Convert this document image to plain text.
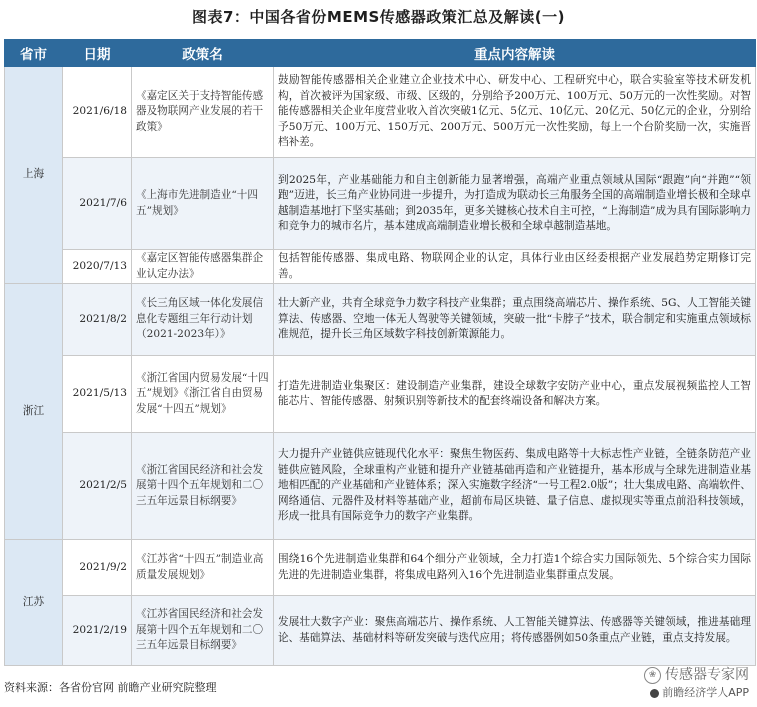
图表7：中国各省份MEMS传感器政策汇总及解读(一)
省市	日期	政策名	重点内容解读
上海	2021/6/18	《嘉定区关于支持智能传感器及物联网产业发展的若干政策》	鼓励智能传感器相关企业建立企业技术中心、研发中心、工程研究中心，联合实验室等技术研发机构，首次被评为国家级、市级、区级的，分别给予200万元、100万元、50万元的一次性奖励。对智能传感器相关企业年度营业收入首次突破1亿元、5亿元、10亿元、20亿元、50亿元的企业，分别给予50万元、100万元、150万元、200万元、500万元一次性奖励，每上一个台阶奖励一次，实施晋档补差。
	2021/7/6	《上海市先进制造业“十四五”规划》	到2025年，产业基础能力和自主创新能力显著增强，高端产业重点领域从国际“跟跑”向“并跑”“领跑”迈进，长三角产业协同进一步提升，为打造成为联动长三角服务全国的高端制造业增长极和全球卓越制造基地打下坚实基础；到2035年，更多关键核心技术自主可控，“上海制造”成为具有国际影响力和竞争力的城市名片，基本建成高端制造业增长极和全球卓越制造基地。
	2020/7/13	《嘉定区智能传感器集群企业认定办法》	包括智能传感器、集成电路、物联网企业的认定，具体行业由区经委根据产业发展趋势定期修订完善。
浙江	2021/8/2	《长三角区域一体化发展信息化专题组三年行动计划（2021-2023年）》	壮大新产业，共育全球竞争力数字科技产业集群；重点围绕高端芯片、操作系统、5G、人工智能关键算法、传感器、空地一体无人驾驶等关键领域，突破一批“卡脖子”技术，联合制定和实施重点领域标准规范，提升长三角区域数字科技创新策源能力。
	2021/5/13	《浙江省国内贸易发展“十四五”规划》《浙江省自由贸易发展“十四五”规划》	打造先进制造业集聚区：建设制造产业集群，建设全球数字安防产业中心，重点发展视频监控人工智能芯片、智能传感器、射频识别等新技术的配套终端设备和解决方案。
	2021/2/5	《浙江省国民经济和社会发展第十四个五年规划和二〇三五年远景目标纲要》	大力提升产业链供应链现代化水平：聚焦生物医药、集成电路等十大标志性产业链，全链条防范产业链供应链风险，全球重构产业链和提升产业链基础再造和产业链提升，基本形成与全球先进制造业基地相匹配的产业基础和产业链体系；深入实施数字经济“一号工程2.0版”；壮大集成电路、高端软件、网络通信、元器件及材料等基础产业，超前布局区块链、量子信息、虚拟现实等重点前沿科技领域，形成一批具有国际竞争力的数字产业集群。
江苏	2021/9/2	《江苏省“十四五”制造业高质量发展规划》	围绕16个先进制造业集群和64个细分产业领域，全力打造1个综合实力国际领先、5个综合实力国际先进的先进制造业集群，将集成电路列入16个先进制造业集群重点发展。
	2021/2/19	《江苏省国民经济和社会发展第十四个五年规划和二〇三五年远景目标纲要》	发展壮大数字产业：聚焦高端芯片、操作系统、人工智能关键算法、传感器等关键领域，推进基础理论、基础算法、基础材料等研发突破与迭代应用；将传感器例如50条重点产业链，重点支持发展。
资料来源：各省份官网 前瞻产业研究院整理
❀ 传感器专家网
前瞻经济学人APP
